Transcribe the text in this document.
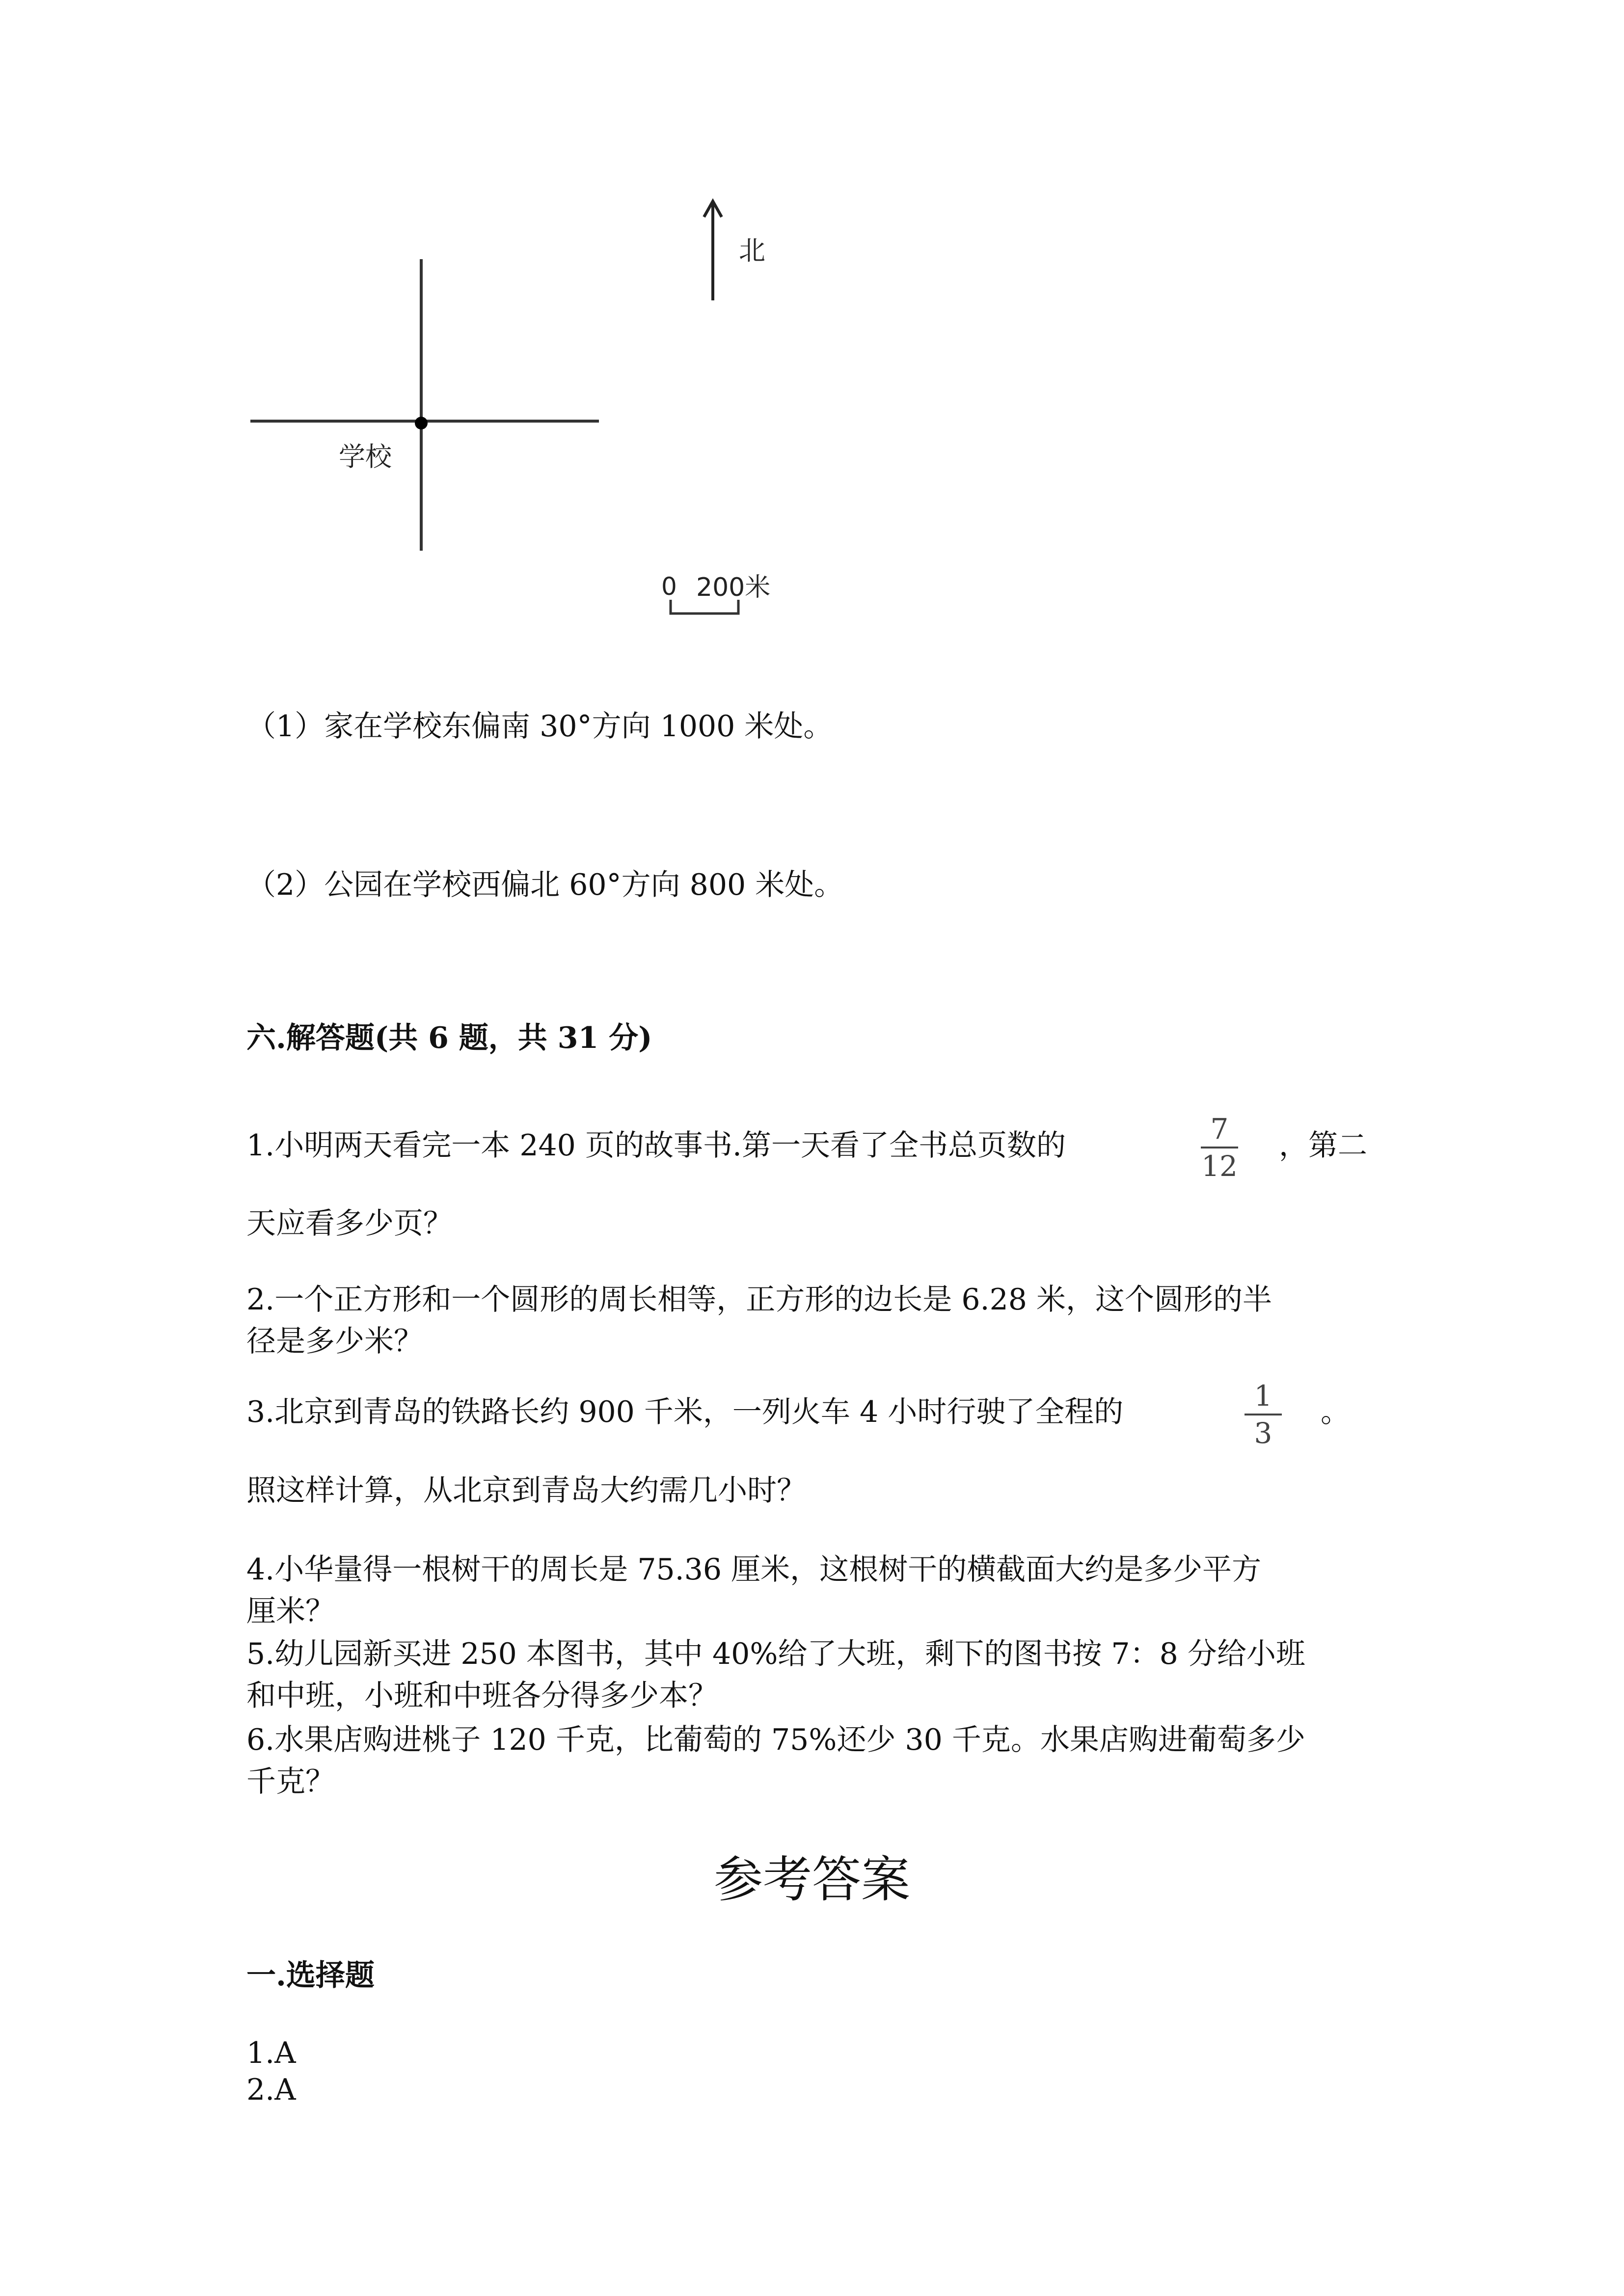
北
学校
0 200米
（1）家在学校东偏南 30°方向 1000 米处。
（2）公园在学校西偏北 60°方向 800 米处。
六.解答题(共 6 题，共 31 分)
1.小明两天看完一本 240 页的故事书.第一天看了全书总页数的	7
12
，第二
天应看多少页？
2.一个正方形和一个圆形的周长相等，正方形的边长是 6.28 米，这个圆形的半
径是多少米？
3.北京到青岛的铁路长约 900 千米，一列火车 4 小时行驶了全程的	1
3
。
照这样计算，从北京到青岛大约需几小时？
4.小华量得一根树干的周长是 75.36 厘米，这根树干的横截面大约是多少平方
厘米？
5.幼儿园新买进 250 本图书，其中 40%给了大班，剩下的图书按 7：8 分给小班
和中班，小班和中班各分得多少本？
6.水果店购进桃子 120 千克，比葡萄的 75%还少 30 千克。水果店购进葡萄多少
千克？
参考答案
一.选择题
1.A
2.A
